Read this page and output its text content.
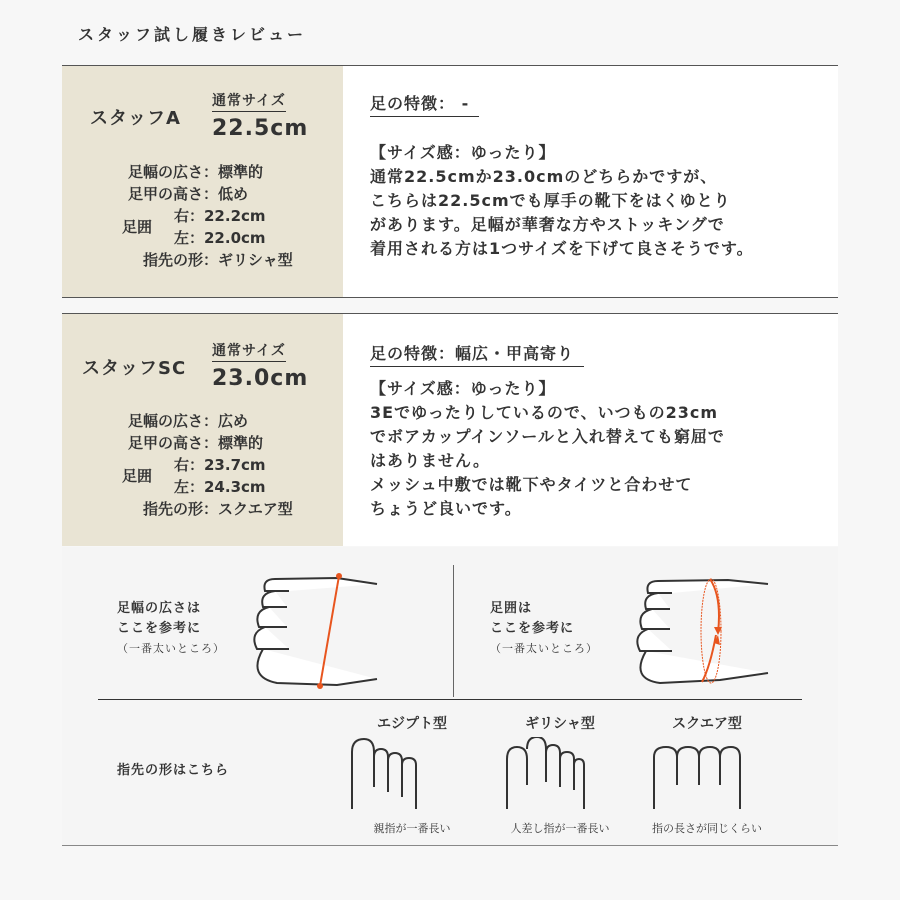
スタッフ試し履きレビュー
スタッフA
通常サイズ
22.5cm
足幅の広さ： 標準的
足甲の高さ： 低め
足囲
右：22.2cm
左：22.0cm
指先の形： ギリシャ型
足の特徴： -
【サイズ感：ゆったり】
通常22.5cmか23.0cmのどちらかですが、
こちらは22.5cmでも厚手の靴下をはくゆとり
があります。足幅が華奢な方やストッキングで
着用される方は1つサイズを下げて良さそうです。
スタッフSC
通常サイズ
23.0cm
足幅の広さ： 広め
足甲の高さ： 標準的
足囲
右：23.7cm
左：24.3cm
指先の形： スクエア型
足の特徴：幅広・甲高寄り
【サイズ感：ゆったり】
3Eでゆったりしているので、いつもの23cm
でボアカップインソールと入れ替えても窮屈で
はありません。
メッシュ中敷では靴下やタイツと合わせて
ちょうど良いです。
足幅の広さは
ここを参考に
（一番太いところ）
足囲は
ここを参考に
（一番太いところ）
指先の形はこちら
エジプト型	ギリシャ型	スクエア型
親指が一番長い	人差し指が一番長い	指の長さが同じくらい
